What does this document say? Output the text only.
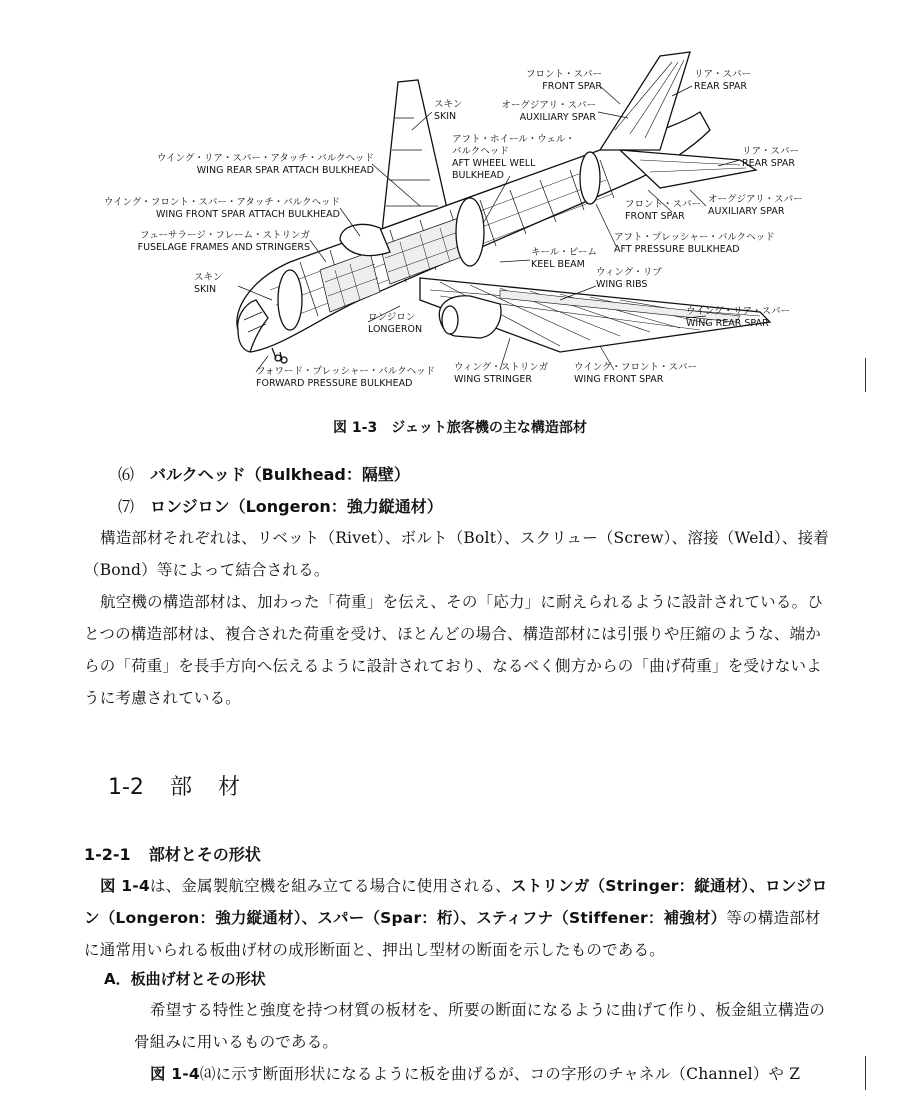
スキン
SKIN
フロント・スパー
FRONT SPAR
リア・スパー
REAR SPAR
オーグジアリ・スパー
AUXILIARY SPAR
アフト・ホイール・ウェル・
バルクヘッド
AFT WHEEL WELL
BULKHEAD
ウイング・リア・スパー・アタッチ・バルクヘッド
WING REAR SPAR ATTACH BULKHEAD
ウイング・フロント・スパー・アタッチ・バルクヘッド
WING FRONT SPAR ATTACH BULKHEAD
フューサラージ・フレーム・ストリンガ
FUSELAGE FRAMES AND STRINGERS
スキン
SKIN
リア・スパー
REAR SPAR
オーグジアリ・スパー
AUXILIARY SPAR
フロント・スパー
FRONT SPAR
アフト・プレッシャー・バルクヘッド
AFT PRESSURE BULKHEAD
キール・ビーム
KEEL BEAM
ウィング・リブ
WING RIBS
ロンジロン
LONGERON
ウイング・リア・スパー
WING REAR SPAR
フォワード・プレッシャー・バルクヘッド
FORWARD PRESSURE BULKHEAD
ウィング・ストリンガ
WING STRINGER
ウイング・フロント・スパー
WING FRONT SPAR
図 1-3　ジェット旅客機の主な構造部材
⑹ バルクヘッド（Bulkhead：隔壁）
⑺ ロンジロン（Longeron：強力縦通材）
構造部材それぞれは、リベット（Rivet）、ボルト（Bolt）、スクリュー（Screw）、溶接（Weld）、接着（Bond）等によって結合される。
航空機の構造部材は、加わった「荷重」を伝え、その「応力」に耐えられるように設計されている。ひとつの構造部材は、複合された荷重を受け、ほとんどの場合、構造部材には引張りや圧縮のような、端からの「荷重」を長手方向へ伝えるように設計されており、なるべく側方からの「曲げ荷重」を受けないように考慮されている。
1-2 部 材
1-2-1 部材とその形状
図 1-4は、金属製航空機を組み立てる場合に使用される、ストリンガ（Stringer：縦通材）、ロンジロン（Longeron：強力縦通材）、スパー（Spar：桁）、スティフナ（Stiffener：補強材）等の構造部材に通常用いられる板曲げ材の成形断面と、押出し型材の断面を示したものである。
A．板曲げ材とその形状
希望する特性と強度を持つ材質の板材を、所要の断面になるように曲げて作り、板金組立構造の骨組みに用いるものである。
図 1-4⒜に示す断面形状になるように板を曲げるが、コの字形のチャネル（Channel）や Z
